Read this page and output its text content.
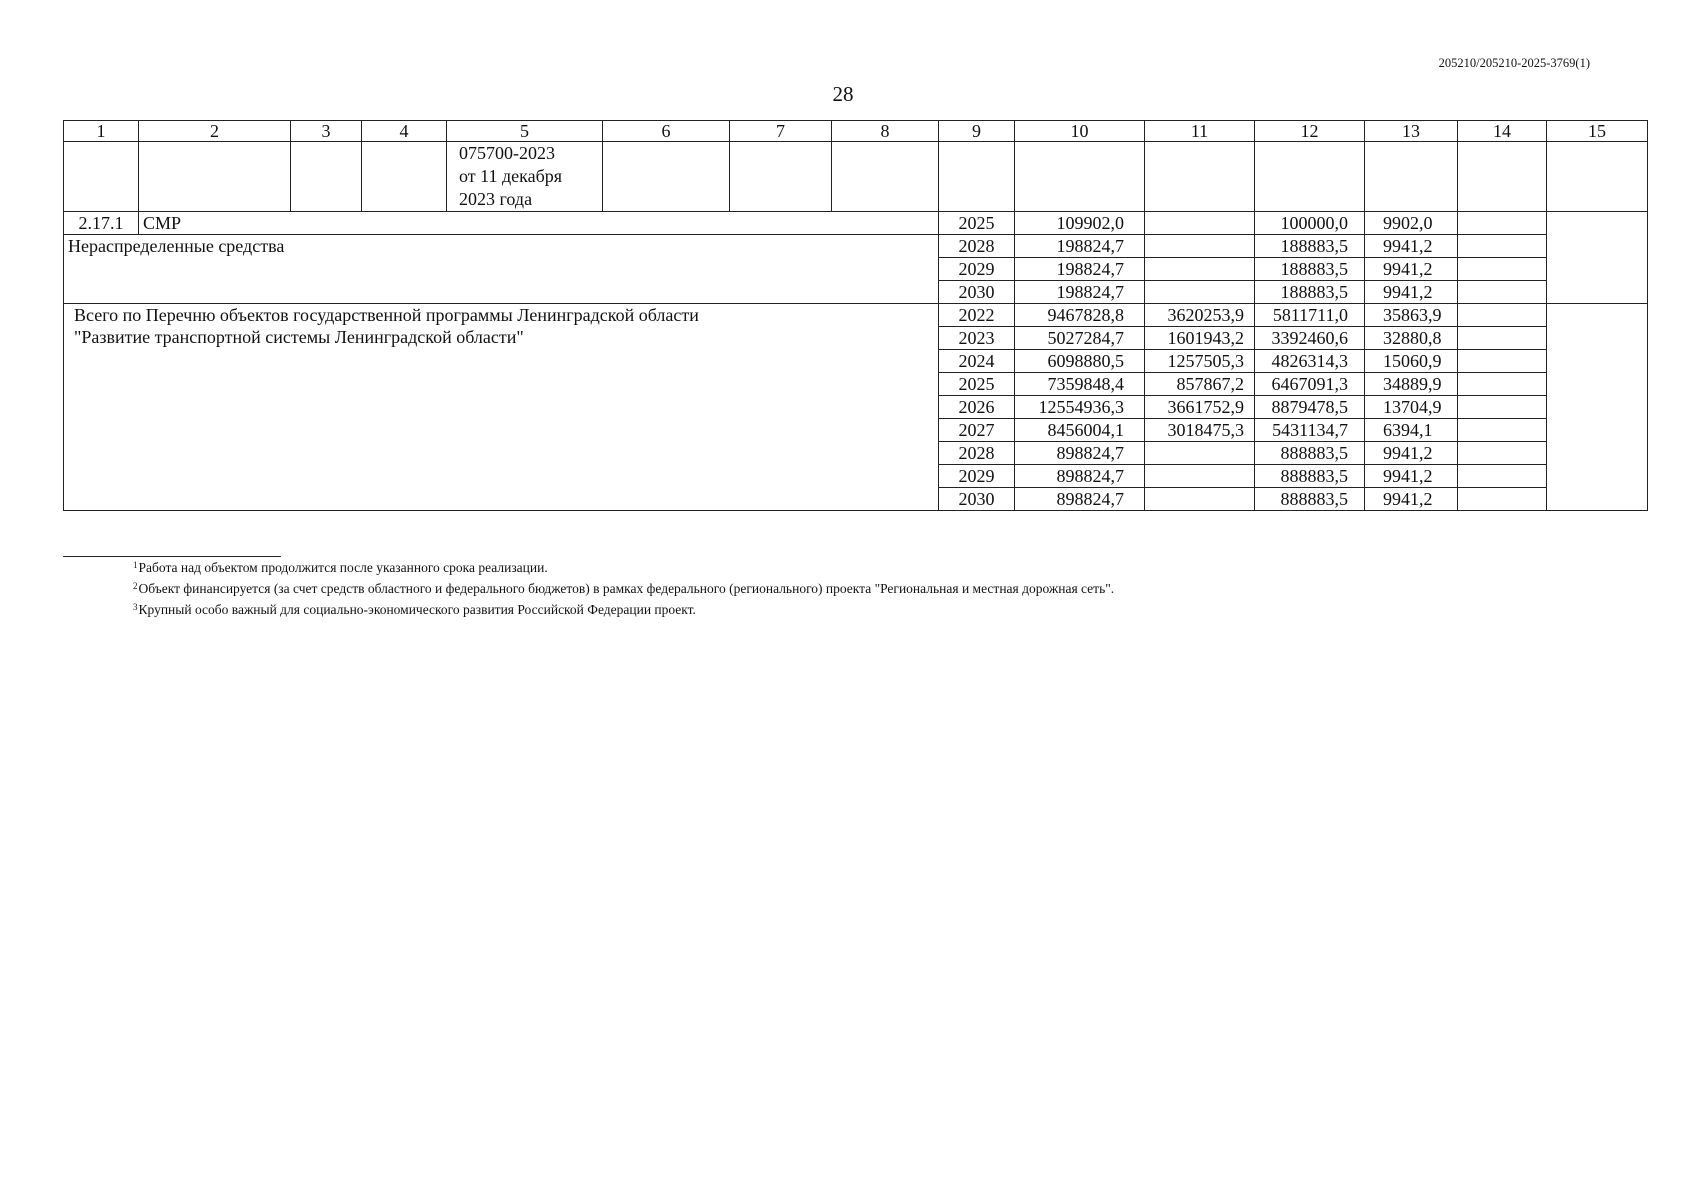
205210/205210-2025-3769(1)
28
1	2	3	4	5	6	7	8	9	10	11	12	13	14	15

				075700-2023
от 11 декабря
2023 года										

2.17.1	СМР							2025	109902,0		100000,0	9902,0		
Нераспределенные средства								2028	198824,7		188883,5	9941,2		
								2029	198824,7		188883,5	9941,2		
								2030	198824,7		188883,5	9941,2		

Всего по Перечню объектов государственной программы Ленинградской области
"Развитие транспортной системы Ленинградской области"								2022	9467828,8	3620253,9	5811711,0	35863,9		
								2023	5027284,7	1601943,2	3392460,6	32880,8		
								2024	6098880,5	1257505,3	4826314,3	15060,9		
								2025	7359848,4	857867,2	6467091,3	34889,9		
								2026	12554936,3	3661752,9	8879478,5	13704,9		
								2027	8456004,1	3018475,3	5431134,7	6394,1		
								2028	898824,7		888883,5	9941,2		
								2029	898824,7		888883,5	9941,2		
								2030	898824,7		888883,5	9941,2		
$^1$Работа над объектом продолжится после указанного срока реализации.
$^2$Объект финансируется (за счет средств областного и федерального бюджетов) в рамках федерального (регионального) проекта "Региональная и местная дорожная сеть".
$^3$Крупный особо важный для социально-экономического развития Российской Федерации проект.
